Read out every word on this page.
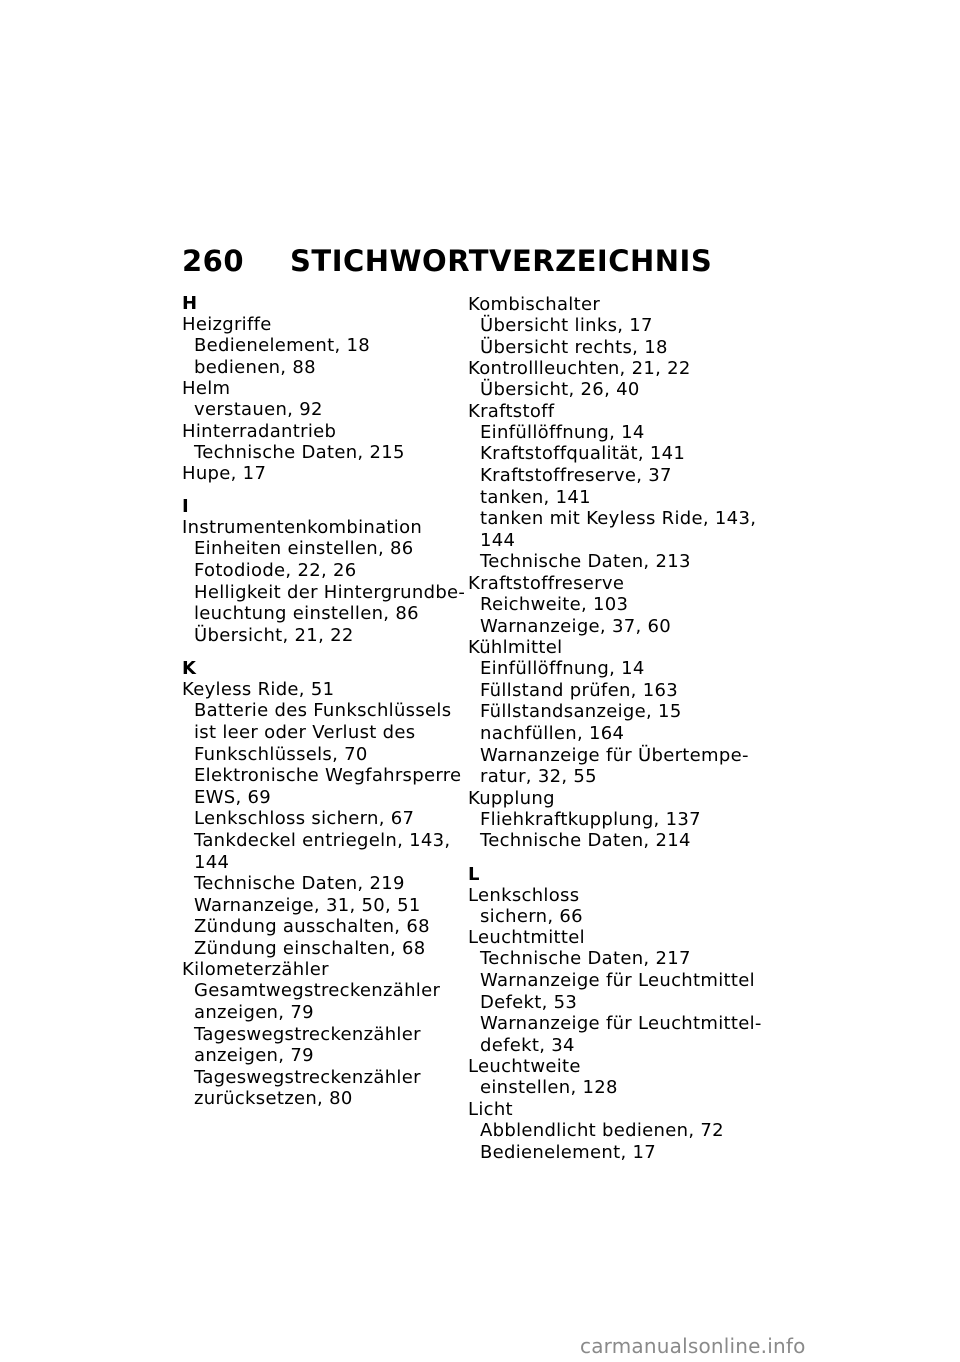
260 STICHWORTVERZEICHNIS
H
Heizgriffe
Bedienelement, 18
bedienen, 88
Helm
verstauen, 92
Hinterradantrieb
Technische Daten, 215
Hupe, 17
I
Instrumentenkombination
Einheiten einstellen, 86
Fotodiode, 22, 26
Helligkeit der Hintergrundbe-
leuchtung einstellen, 86
Übersicht, 21, 22
K
Keyless Ride, 51
Batterie des Funkschlüssels
ist leer oder Verlust des
Funkschlüssels, 70
Elektronische Wegfahrsperre
EWS, 69
Lenkschloss sichern, 67
Tankdeckel entriegeln, 143,
144
Technische Daten, 219
Warnanzeige, 31, 50, 51
Zündung ausschalten, 68
Zündung einschalten, 68
Kilometerzähler
Gesamtwegstreckenzähler
anzeigen, 79
Tageswegstreckenzähler
anzeigen, 79
Tageswegstreckenzähler
zurücksetzen, 80
Kombischalter
Übersicht links, 17
Übersicht rechts, 18
Kontrollleuchten, 21, 22
Übersicht, 26, 40
Kraftstoff
Einfüllöffnung, 14
Kraftstoffqualität, 141
Kraftstoffreserve, 37
tanken, 141
tanken mit Keyless Ride, 143,
144
Technische Daten, 213
Kraftstoffreserve
Reichweite, 103
Warnanzeige, 37, 60
Kühlmittel
Einfüllöffnung, 14
Füllstand prüfen, 163
Füllstandsanzeige, 15
nachfüllen, 164
Warnanzeige für Übertempe-
ratur, 32, 55
Kupplung
Fliehkraftkupplung, 137
Technische Daten, 214
L
Lenkschloss
sichern, 66
Leuchtmittel
Technische Daten, 217
Warnanzeige für Leuchtmittel
Defekt, 53
Warnanzeige für Leuchtmittel-
defekt, 34
Leuchtweite
einstellen, 128
Licht
Abblendlicht bedienen, 72
Bedienelement, 17
carmanualsonline.info
